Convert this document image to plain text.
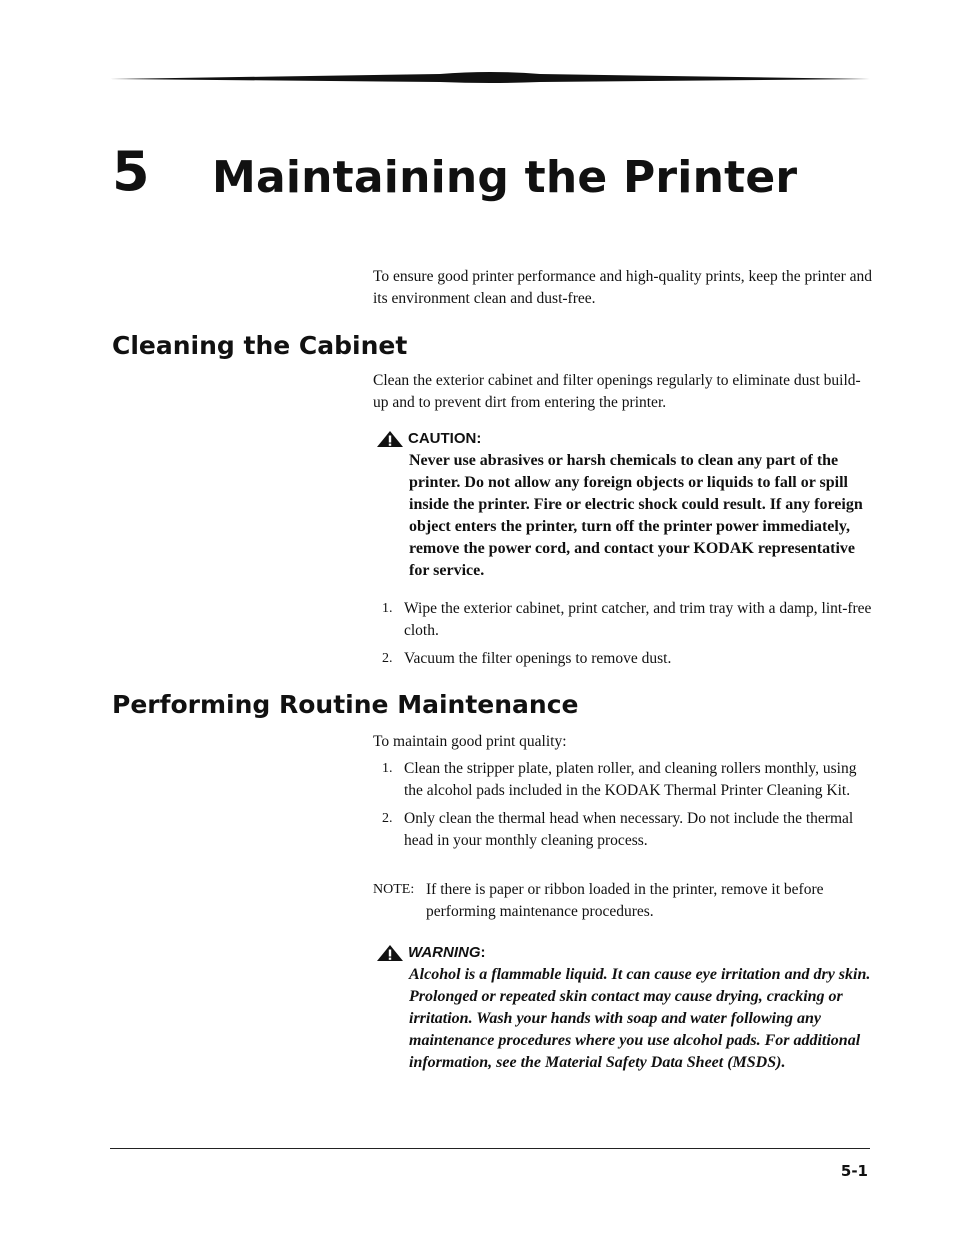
5 Maintaining the Printer

To ensure good printer performance and high-quality prints, keep the printer and its environment clean and dust-free.

Cleaning the Cabinet

Clean the exterior cabinet and filter openings regularly to eliminate dust build-up and to prevent dirt from entering the printer.

CAUTION:
Never use abrasives or harsh chemicals to clean any part of the printer. Do not allow any foreign objects or liquids to fall or spill inside the printer. Fire or electric shock could result. If any foreign object enters the printer, turn off the printer power immediately, remove the power cord, and contact your KODAK representative for service.
1. Wipe the exterior cabinet, print catcher, and trim tray with a damp, lint-free cloth.
2. Vacuum the filter openings to remove dust.
Performing Routine Maintenance

To maintain good print quality:

1. Clean the stripper plate, platen roller, and cleaning rollers monthly, using the alcohol pads included in the KODAK Thermal Printer Cleaning Kit.
2. Only clean the thermal head when necessary. Do not include the thermal head in your monthly cleaning process.
NOTE: If there is paper or ribbon loaded in the printer, remove it before performing maintenance procedures.
WARNING:
Alcohol is a flammable liquid. It can cause eye irritation and dry skin. Prolonged or repeated skin contact may cause drying, cracking or irritation. Wash your hands with soap and water following any maintenance procedures where you use alcohol pads. For additional information, see the Material Safety Data Sheet (MSDS).
5-1
